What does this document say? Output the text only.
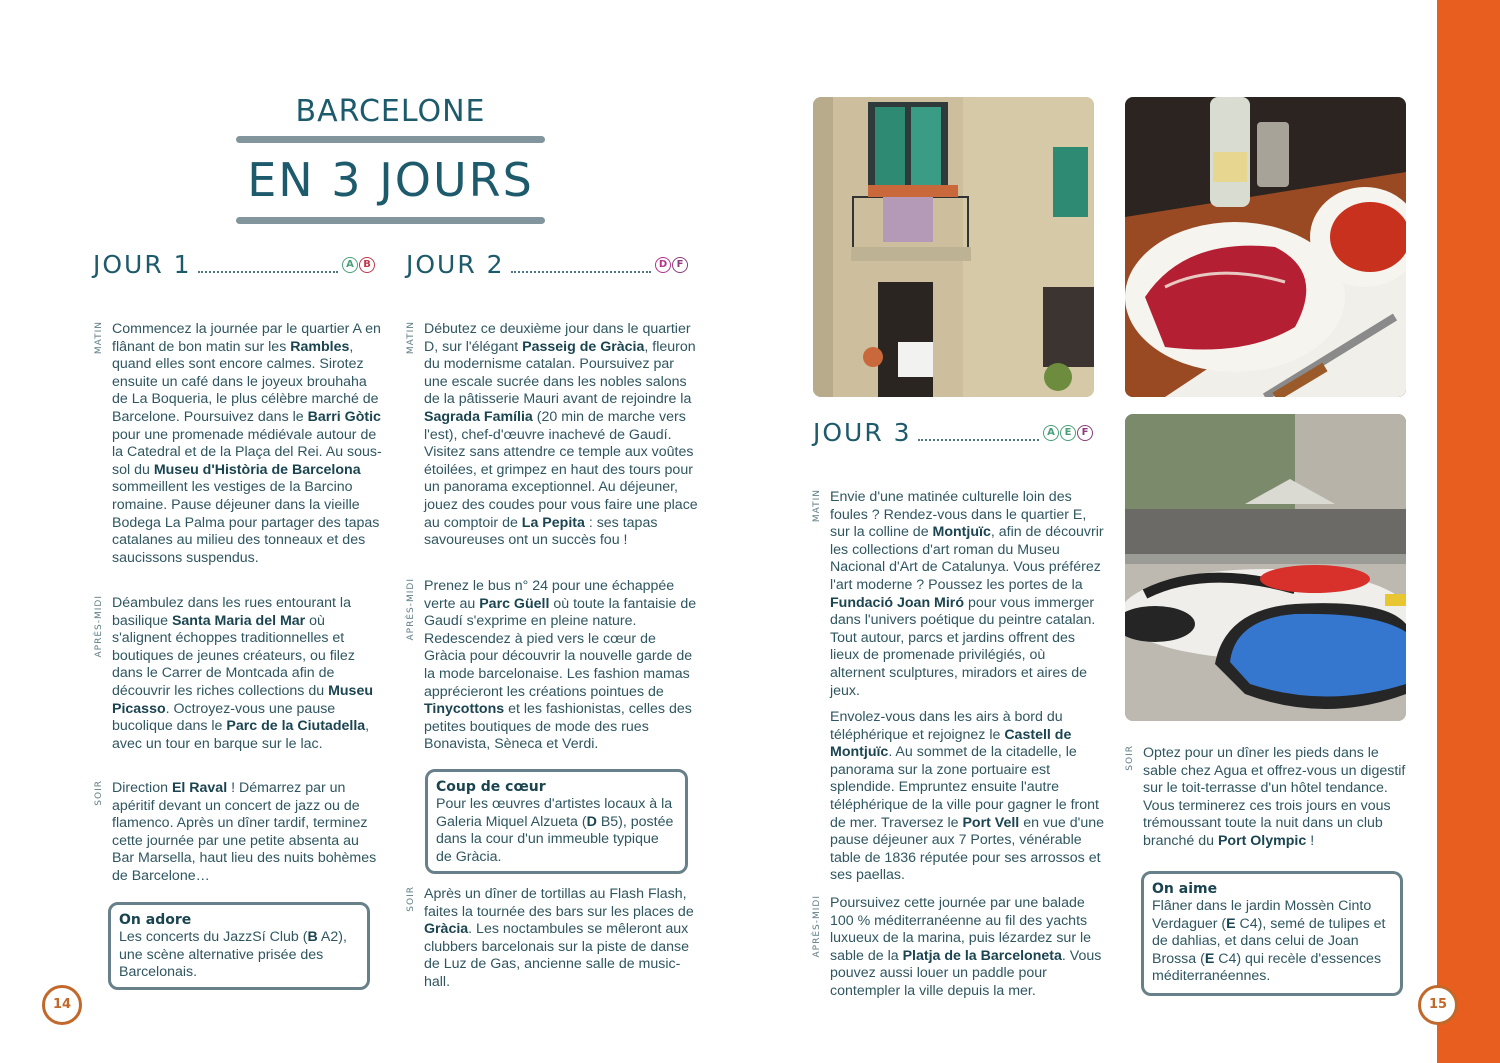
BARCELONE
EN 3 JOURS
JOUR 1	A B JOUR 2	D F
JOUR 3	A E	F
MATIN Commencez la journée par le quartier A en flânant de bon matin sur les Rambles, quand elles sont encore calmes. Sirotez ensuite un café dans le joyeux brouhaha de La Boqueria, le plus célèbre marché de Barcelone. Poursuivez dans le Barri Gòtic pour une promenade médiévale autour de la Catedral et de la Plaça del Rei. Au sous-sol du Museu d'Història de Barcelona sommeillent les vestiges de la Barcino romaine. Pause déjeuner dans la vieille Bodega La Palma pour partager des tapas catalanes au milieu des tonneaux et des saucissons suspendus.
APRÈS-MIDI Déambulez dans les rues entourant la basilique Santa Maria del Mar où s'alignent échoppes traditionnelles et boutiques de jeunes créateurs, ou filez dans le Carrer de Montcada afin de découvrir les riches collections du Museu Picasso. Octroyez-vous une pause bucolique dans le Parc de la Ciutadella, avec un tour en barque sur le lac.
SOIR Direction El Raval ! Démarrez par un apéritif devant un concert de jazz ou de flamenco. Après un dîner tardif, terminez cette journée par une petite absenta au Bar Marsella, haut lieu des nuits bohèmes de Barcelone…
On adore
Les concerts du JazzSí Club (B A2), une scène alternative prisée des Barcelonais.
MATIN Débutez ce deuxième jour dans le quartier D, sur l'élégant Passeig de Gràcia, fleuron du modernisme catalan. Poursuivez par une escale sucrée dans les nobles salons de la pâtisserie Mauri avant de rejoindre la Sagrada Família (20 min de marche vers l'est), chef-d'œuvre inachevé de Gaudí. Visitez sans attendre ce temple aux voûtes étoilées, et grimpez en haut des tours pour un panorama exceptionnel. Au déjeuner, jouez des coudes pour vous faire une place au comptoir de La Pepita : ses tapas savoureuses ont un succès fou !
APRÈS-MIDI Prenez le bus n° 24 pour une échappée verte au Parc Güell où toute la fantaisie de Gaudí s'exprime en pleine nature. Redescendez à pied vers le cœur de Gràcia pour découvrir la nouvelle garde de la mode barcelonaise. Les fashion mamas apprécieront les créations pointues de Tinycottons et les fashionistas, celles des petites boutiques de mode des rues Bonavista, Sèneca et Verdi.
Coup de cœur
Pour les œuvres d'artistes locaux à la Galeria Miquel Alzueta (D B5), postée dans la cour d'un immeuble typique de Gràcia.
SOIR Après un dîner de tortillas au Flash Flash, faites la tournée des bars sur les places de Gràcia. Les noctambules se mêleront aux clubbers barcelonais sur la piste de danse de Luz de Gas, ancienne salle de music-hall.
MATIN Envie d'une matinée culturelle loin des foules ? Rendez-vous dans le quartier E, sur la colline de Montjuïc, afin de découvrir les collections d'art roman du Museu Nacional d'Art de Catalunya. Vous préférez l'art moderne ? Poussez les portes de la Fundació Joan Miró pour vous immerger dans l'univers poétique du peintre catalan. Tout autour, parcs et jardins offrent des lieux de promenade privilégiés, où alternent sculptures, miradors et aires de jeux.
Envolez-vous dans les airs à bord du téléphérique et rejoignez le Castell de Montjuïc. Au sommet de la citadelle, le panorama sur la zone portuaire est splendide. Empruntez ensuite l'autre téléphérique de la ville pour gagner le front de mer. Traversez le Port Vell en vue d'une pause déjeuner aux 7 Portes, vénérable table de 1836 réputée pour ses arrossos et ses paellas.
APRÈS-MIDI Poursuivez cette journée par une balade 100 % méditerranéenne au fil des yachts luxueux de la marina, puis lézardez sur le sable de la Platja de la Barceloneta. Vous pouvez aussi louer un paddle pour contempler la ville depuis la mer.
SOIR Optez pour un dîner les pieds dans le sable chez Agua et offrez-vous un digestif sur le toit-terrasse d'un hôtel tendance. Vous terminerez ces trois jours en vous trémoussant toute la nuit dans un club branché du Port Olympic !
On aime
Flâner dans le jardin Mossèn Cinto Verdaguer (E C4), semé de tulipes et de dahlias, et dans celui de Joan Brossa (E C4) qui recèle d'essences méditerranéennes.
14	15
